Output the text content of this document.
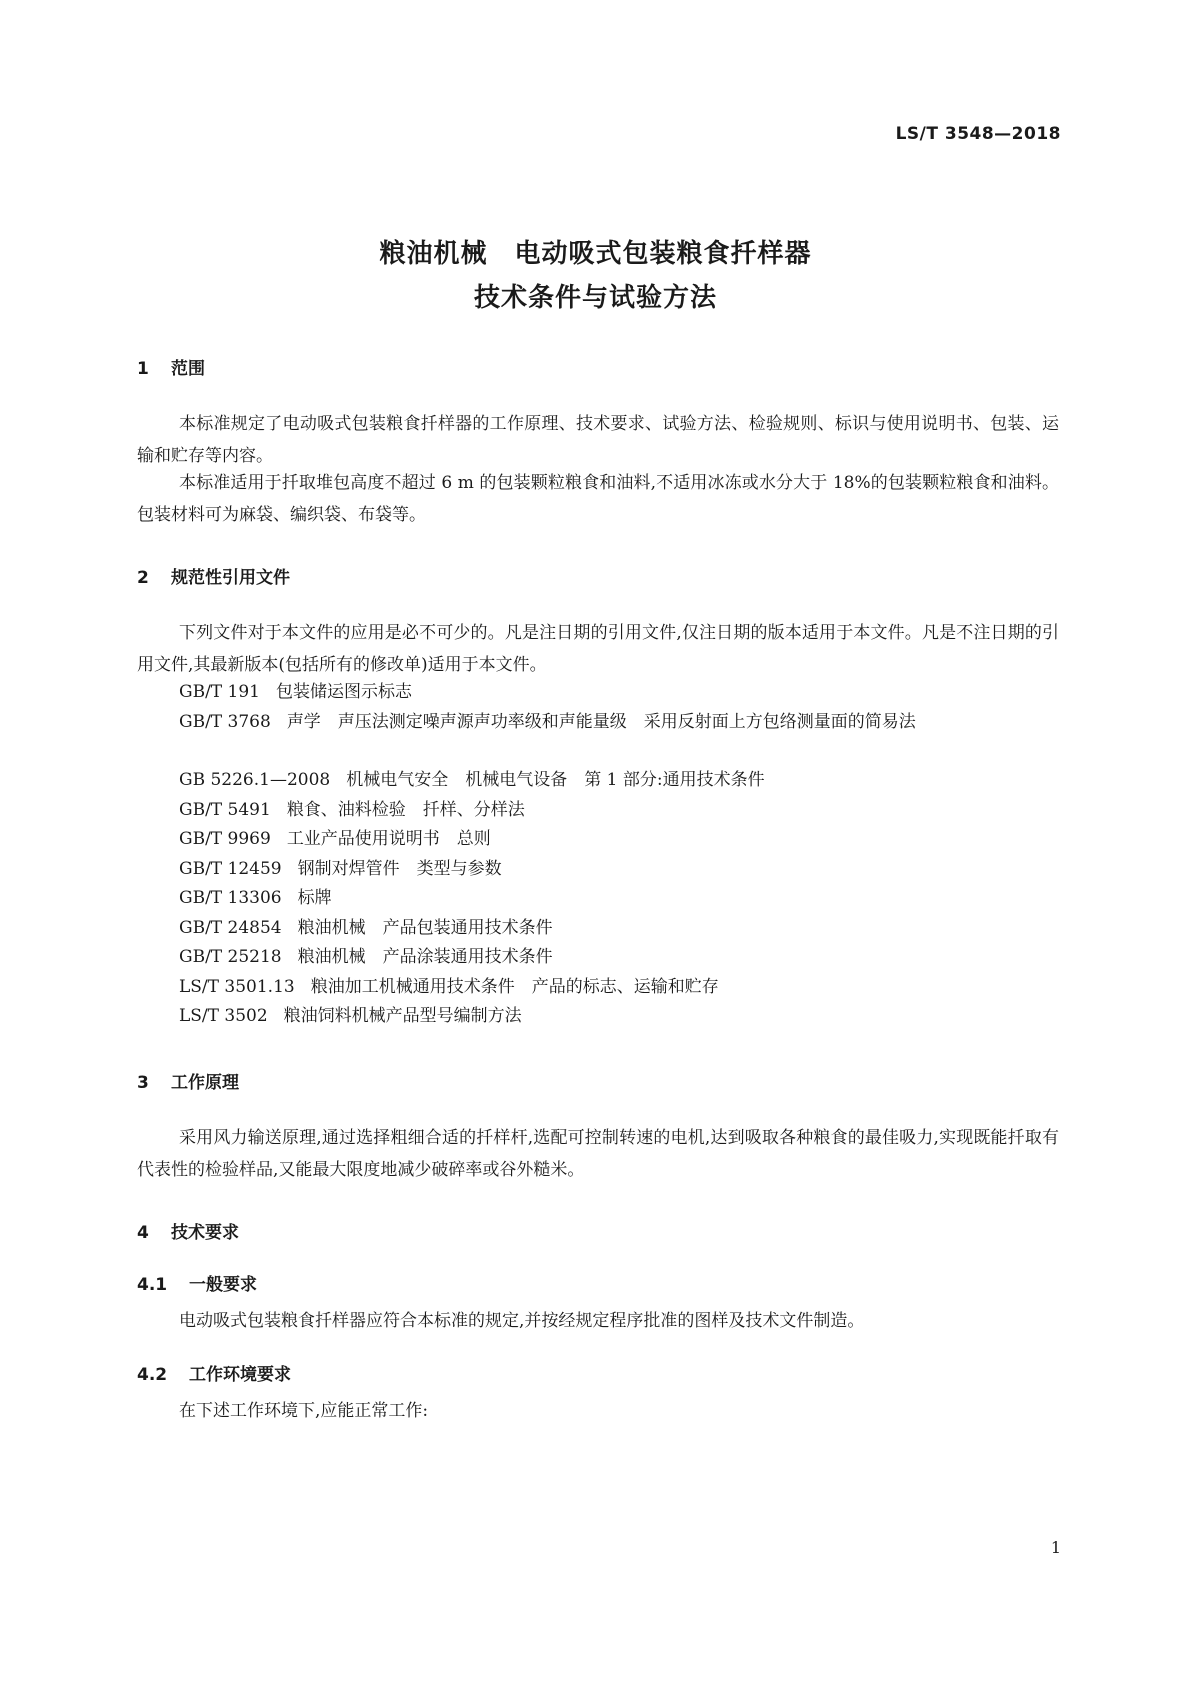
LS/T 3548—2018
粮油机械　电动吸式包装粮食扦样器
技术条件与试验方法
1 范围

本标准规定了电动吸式包装粮食扦样器的工作原理、技术要求、试验方法、检验规则、标识与使用说明书、包装、运输和贮存等内容。

本标准适用于扦取堆包高度不超过 6 m 的包装颗粒粮食和油料,不适用冰冻或水分大于 18%的包装颗粒粮食和油料。包装材料可为麻袋、编织袋、布袋等。

2 规范性引用文件

下列文件对于本文件的应用是必不可少的。凡是注日期的引用文件,仅注日期的版本适用于本文件。凡是不注日期的引用文件,其最新版本(包括所有的修改单)适用于本文件。

GB/T 191 包装储运图示标志

GB/T 3768 声学　声压法测定噪声源声功率级和声能量级　采用反射面上方包络测量面的简易法

GB 5226.1—2008 机械电气安全　机械电气设备　第 1 部分:通用技术条件
GB/T 5491 粮食、油料检验　扦样、分样法
GB/T 9969 工业产品使用说明书　总则
GB/T 12459 钢制对焊管件　类型与参数
GB/T 13306 标牌
GB/T 24854 粮油机械　产品包装通用技术条件
GB/T 25218 粮油机械　产品涂装通用技术条件
LS/T 3501.13 粮油加工机械通用技术条件　产品的标志、运输和贮存
LS/T 3502 粮油饲料机械产品型号编制方法
3 工作原理

采用风力输送原理,通过选择粗细合适的扦样杆,选配可控制转速的电机,达到吸取各种粮食的最佳吸力,实现既能扦取有代表性的检验样品,又能最大限度地减少破碎率或谷外糙米。

4 技术要求
4.1 一般要求

电动吸式包装粮食扦样器应符合本标准的规定,并按经规定程序批准的图样及技术文件制造。

4.2 工作环境要求

在下述工作环境下,应能正常工作:

1
